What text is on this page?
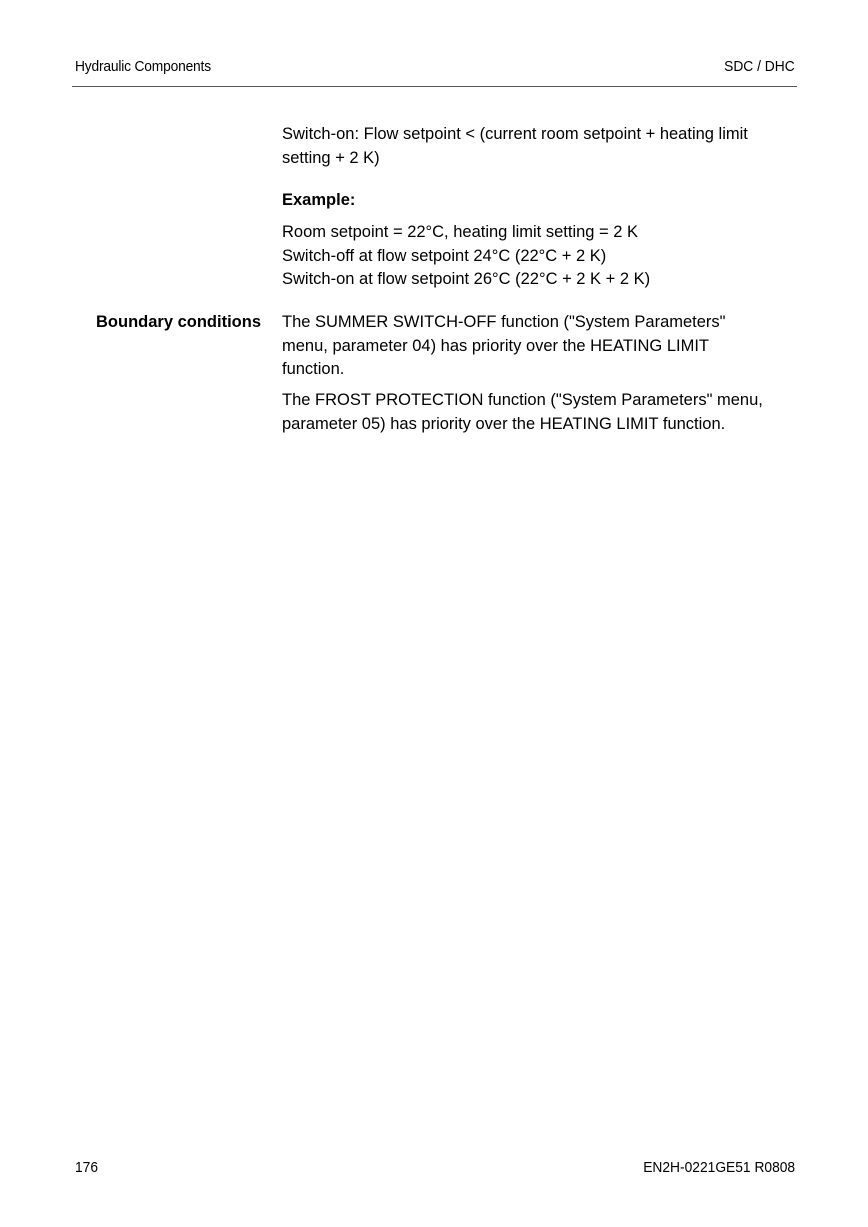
Hydraulic Components	SDC / DHC
Switch-on: Flow setpoint < (current room setpoint + heating limit
setting + 2 K)
Example:
Room setpoint = 22°C, heating limit setting = 2 K
Switch-off at flow setpoint 24°C (22°C + 2 K)
Switch-on at flow setpoint 26°C (22°C + 2 K + 2 K)
Boundary conditions The SUMMER SWITCH-OFF function ("System Parameters"
menu, parameter 04) has priority over the HEATING LIMIT
function.
The FROST PROTECTION function ("System Parameters" menu,
parameter 05) has priority over the HEATING LIMIT function.
176	EN2H-0221GE51 R0808
